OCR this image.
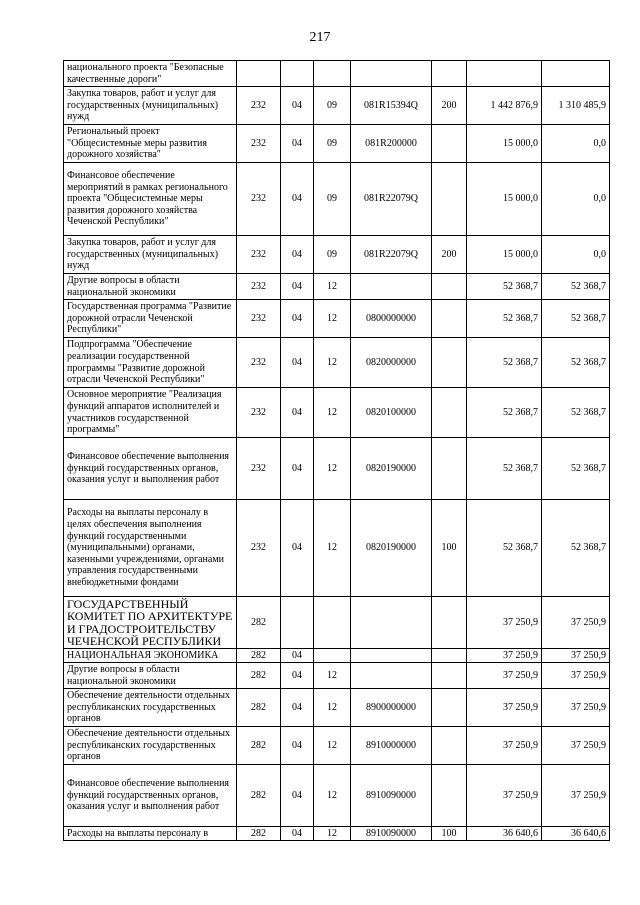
217
национального проекта "Безопасные качественные дороги"							
Закупка товаров, работ и услуг для государственных (муниципальных) нужд	232	04	09	081R15394Q	200	1 442 876,9	1 310 485,9
Региональный проект "Общесистемные меры развития дорожного хозяйства"	232	04	09	081R200000		15 000,0	0,0
Финансовое обеспечение мероприятий в рамках регионального проекта "Общесистемные меры развития дорожного хозяйства Чеченской Республики"	232	04	09	081R22079Q		15 000,0	0,0
Закупка товаров, работ и услуг для государственных (муниципальных) нужд	232	04	09	081R22079Q	200	15 000,0	0,0
Другие вопросы в области национальной экономики	232	04	12			52 368,7	52 368,7
Государственная программа "Развитие дорожной отрасли Чеченской Республики"	232	04	12	0800000000		52 368,7	52 368,7
Подпрограмма "Обеспечение реализации государственной программы "Развитие дорожной отрасли Чеченской Республики"	232	04	12	0820000000		52 368,7	52 368,7
Основное мероприятие "Реализация функций аппаратов исполнителей и участников государственной программы"	232	04	12	0820100000		52 368,7	52 368,7
Финансовое обеспечение выполнения функций государственных органов, оказания услуг и выполнения работ	232	04	12	0820190000		52 368,7	52 368,7
Расходы на выплаты персоналу в целях обеспечения выполнения функций государственными (муниципальными) органами, казенными учреждениями, органами управления государственными внебюджетными фондами	232	04	12	0820190000	100	52 368,7	52 368,7
ГОСУДАРСТВЕННЫЙ КОМИТЕТ ПО АРХИТЕКТУРЕ И ГРАДОСТРОИТЕЛЬСТВУ ЧЕЧЕНСКОЙ РЕСПУБЛИКИ	282					37 250,9	37 250,9
НАЦИОНАЛЬНАЯ ЭКОНОМИКА	282	04				37 250,9	37 250,9
Другие вопросы в области национальной экономики	282	04	12			37 250,9	37 250,9
Обеспечение деятельности отдельных республиканских государственных органов	282	04	12	8900000000		37 250,9	37 250,9
Обеспечение деятельности отдельных республиканских государственных органов	282	04	12	8910000000		37 250,9	37 250,9
Финансовое обеспечение выполнения функций государственных органов, оказания услуг и выполнения работ	282	04	12	8910090000		37 250,9	37 250,9
Расходы на выплаты персоналу в	282	04	12	8910090000	100	36 640,6	36 640,6
